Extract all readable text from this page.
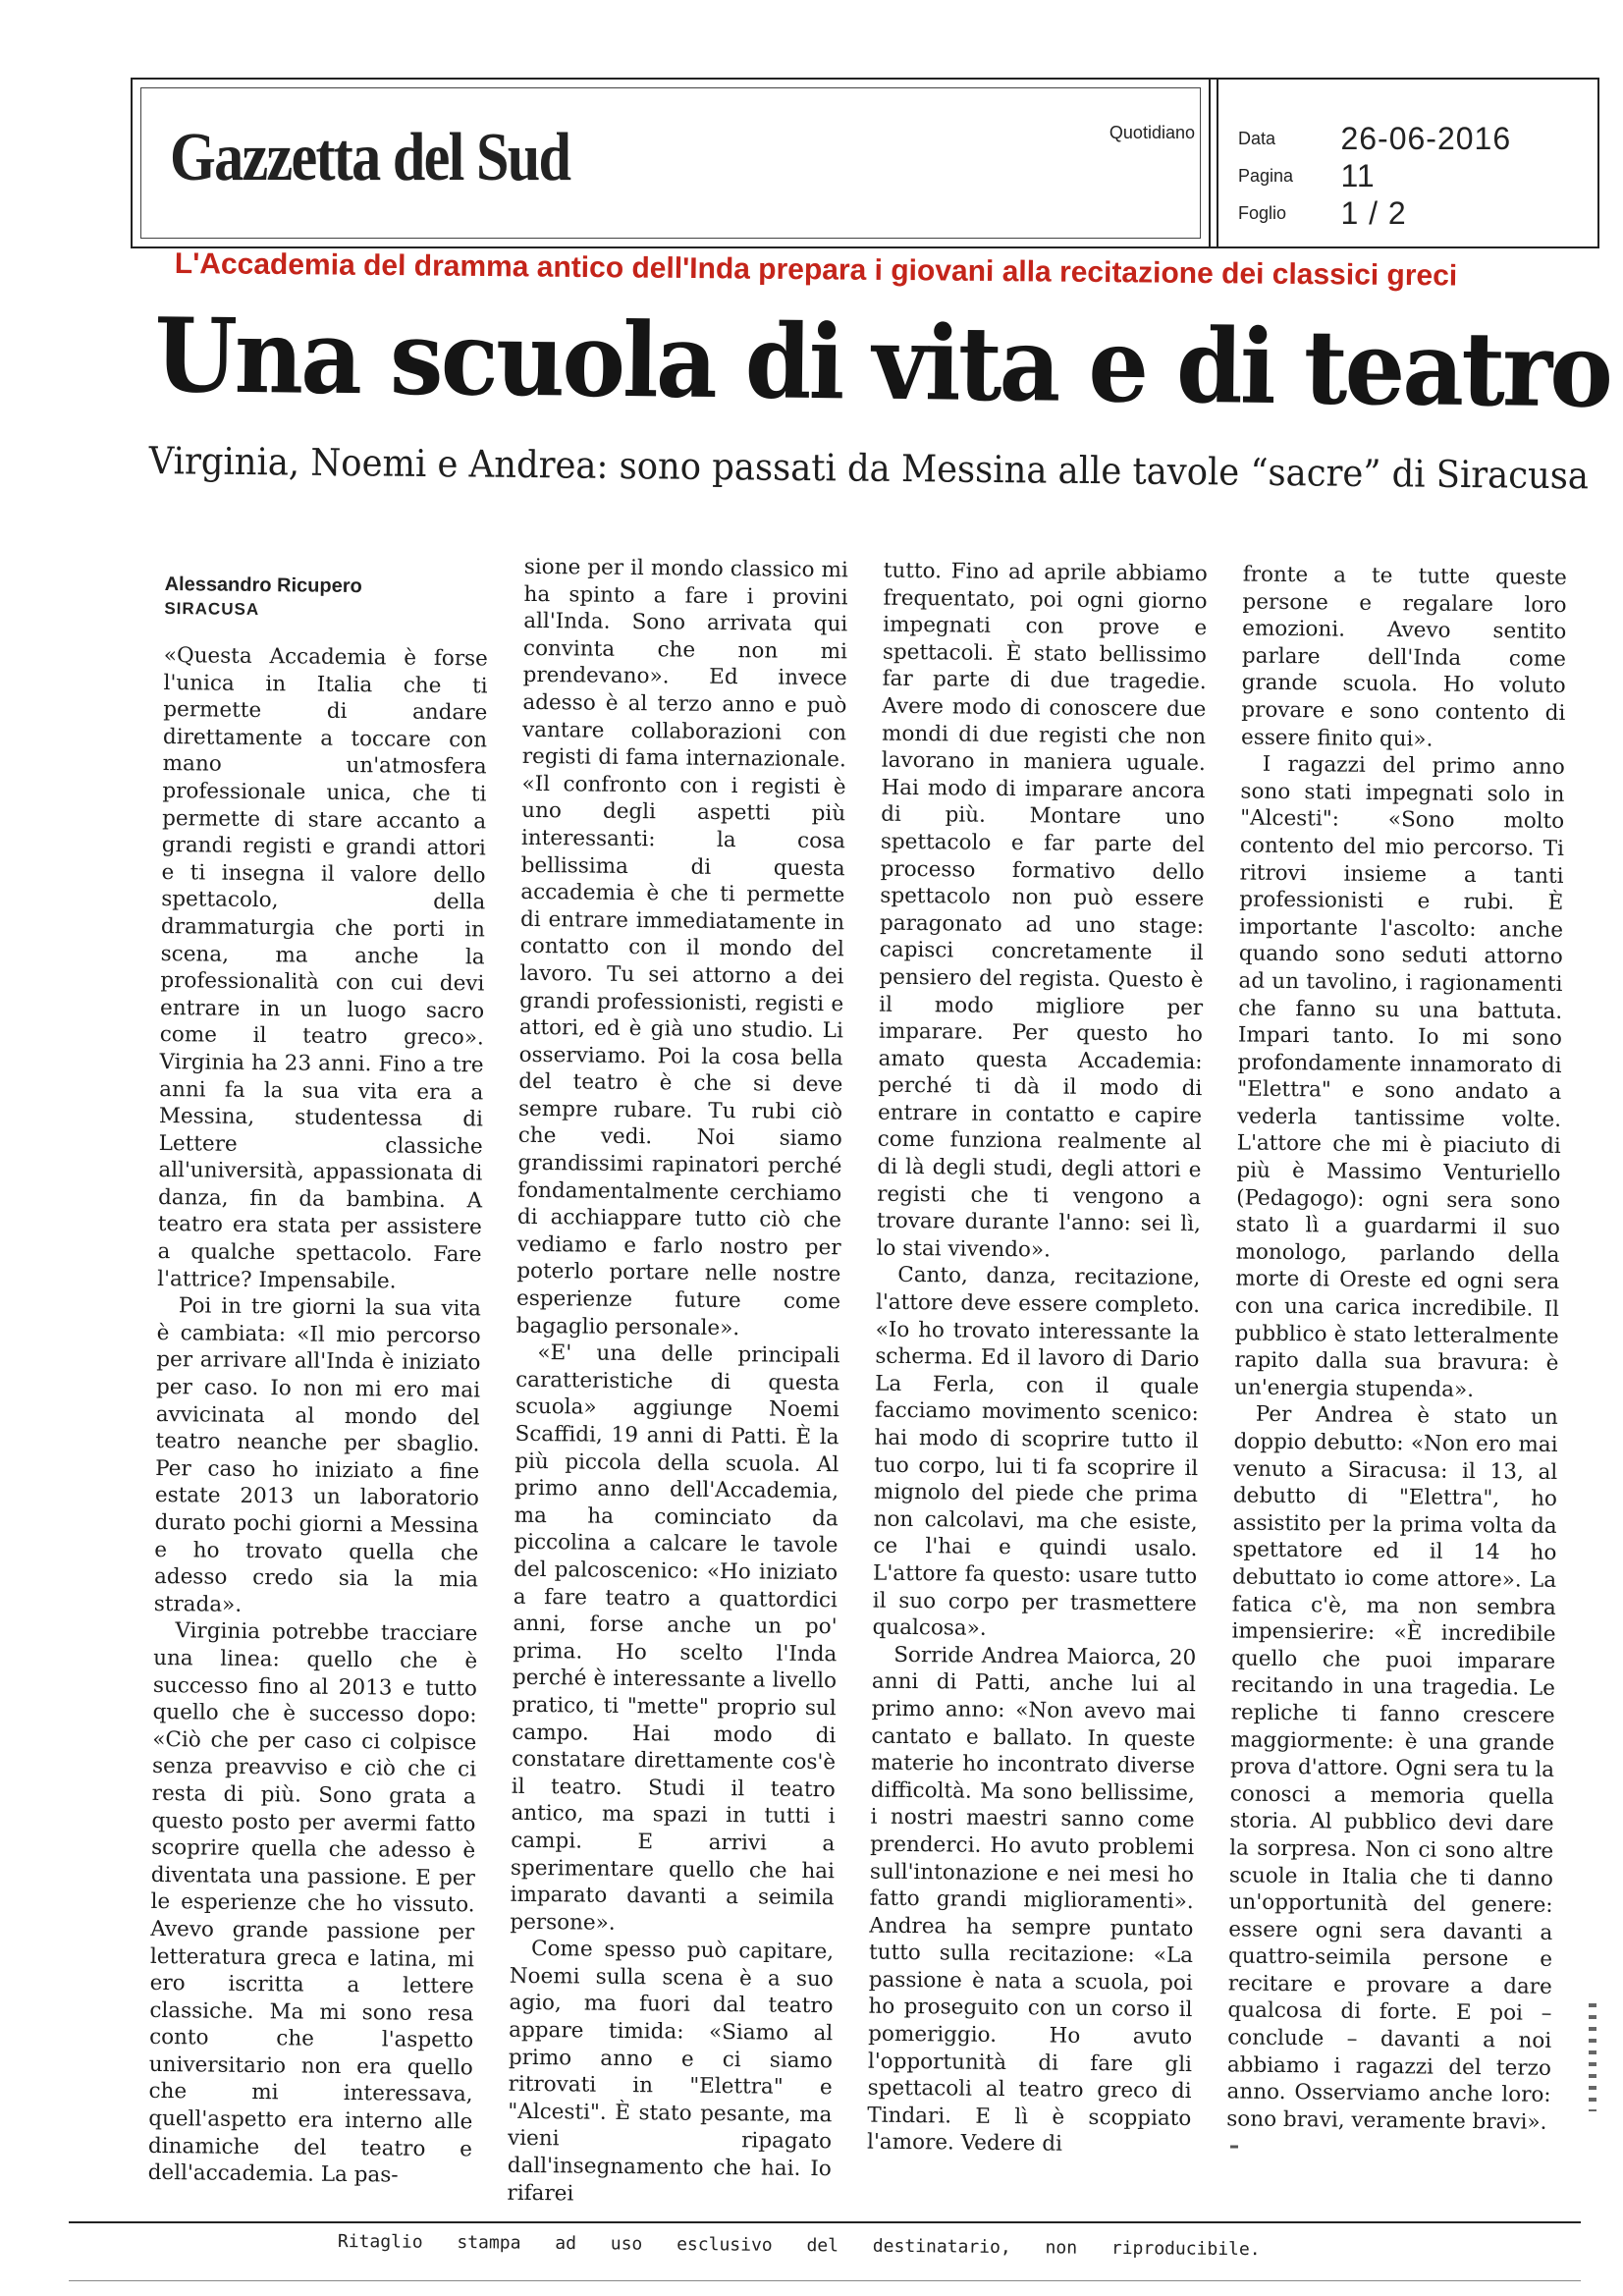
Gazzetta del Sud	Quotidiano Data 26-06-2016
Pagina 11
Foglio 1 / 2
L'Accademia del dramma antico dell'Inda prepara i giovani alla recitazione dei classici greci
Una scuola di vita e di teatro
Virginia, Noemi e Andrea: sono passati da Messina alle tavole “sacre” di Siracusa
Alessandro Ricupero
SIRACUSA

«Questa Accademia è forse l'unica in Italia che ti permette di andare direttamente a toccare con mano un'atmosfera professionale unica, che ti permette di stare accanto a grandi registi e grandi attori e ti insegna il valore dello spettacolo, della drammaturgia che porti in scena, ma anche la professionalità con cui devi entrare in un luogo sacro come il teatro greco». Virginia ha 23 anni. Fino a tre anni fa la sua vita era a Messina, studentessa di Lettere classiche all'università, appassionata di danza, fin da bambina. A teatro era stata per assistere a qualche spettacolo. Fare l'attrice? Impensabile.

Poi in tre giorni la sua vita è cambiata: «Il mio percorso per arrivare all'Inda è iniziato per caso. Io non mi ero mai avvicinata al mondo del teatro neanche per sbaglio. Per caso ho iniziato a fine estate 2013 un laboratorio durato pochi giorni a Messina e ho trovato quella che adesso credo sia la mia strada».

Virginia potrebbe tracciare una linea: quello che è successo fino al 2013 e tutto quello che è successo dopo: «Ciò che per caso ci colpisce senza preavviso e ciò che ci resta di più. Sono grata a questo posto per avermi fatto scoprire quella che adesso è diventata una passione. E per le esperienze che ho vissuto. Avevo grande passione per letteratura greca e latina, mi ero iscritta a lettere classiche. Ma mi sono resa conto che l'aspetto universitario non era quello che mi interessava, quell'aspetto era interno alle dinamiche del teatro e dell'accademia. La pas-

sione per il mondo classico mi ha spinto a fare i provini all'Inda. Sono arrivata qui convinta che non mi prendevano». Ed invece adesso è al terzo anno e può vantare collaborazioni con registi di fama internazionale. «Il confronto con i registi è uno degli aspetti più interessanti: la cosa bellissima di questa accademia è che ti permette di entrare immediatamente in contatto con il mondo del lavoro. Tu sei attorno a dei grandi professionisti, registi e attori, ed è già uno studio. Li osserviamo. Poi la cosa bella del teatro è che si deve sempre rubare. Tu rubi ciò che vedi. Noi siamo grandissimi rapinatori perché fondamentalmente cerchiamo di acchiappare tutto ciò che vediamo e farlo nostro per poterlo portare nelle nostre esperienze future come bagaglio personale».

«E' una delle principali caratteristiche di questa scuola» aggiunge Noemi Scaffidi, 19 anni di Patti. È la più piccola della scuola. Al primo anno dell'Accademia, ma ha cominciato da piccolina a calcare le tavole del palcoscenico: «Ho iniziato a fare teatro a quattordici anni, forse anche un po' prima. Ho scelto l'Inda perché è interessante a livello pratico, ti "mette" proprio sul campo. Hai modo di constatare direttamente cos'è il teatro. Studi il teatro antico, ma spazi in tutti i campi. E arrivi a sperimentare quello che hai imparato davanti a seimila persone».

Come spesso può capitare, Noemi sulla scena è a suo agio, ma fuori dal teatro appare timida: «Siamo al primo anno e ci siamo ritrovati in "Elettra" e "Alcesti". È stato pesante, ma vieni ripagato dall'insegnamento che hai. Io rifarei

tutto. Fino ad aprile abbiamo frequentato, poi ogni giorno impegnati con prove e spettacoli. È stato bellissimo far parte di due tragedie. Avere modo di conoscere due mondi di due registi che non lavorano in maniera uguale. Hai modo di imparare ancora di più. Montare uno spettacolo e far parte del processo formativo dello spettacolo non può essere paragonato ad uno stage: capisci concretamente il pensiero del regista. Questo è il modo migliore per imparare. Per questo ho amato questa Accademia: perché ti dà il modo di entrare in contatto e capire come funziona realmente al di là degli studi, degli attori e registi che ti vengono a trovare durante l'anno: sei lì, lo stai vivendo».

Canto, danza, recitazione, l'attore deve essere completo. «Io ho trovato interessante la scherma. Ed il lavoro di Dario La Ferla, con il quale facciamo movimento scenico: hai modo di scoprire tutto il tuo corpo, lui ti fa scoprire il mignolo del piede che prima non calcolavi, ma che esiste, ce l'hai e quindi usalo. L'attore fa questo: usare tutto il suo corpo per trasmettere qualcosa».

Sorride Andrea Maiorca, 20 anni di Patti, anche lui al primo anno: «Non avevo mai cantato e ballato. In queste materie ho incontrato diverse difficoltà. Ma sono bellissime, i nostri maestri sanno come prenderci. Ho avuto problemi sull'intonazione e nei mesi ho fatto grandi miglioramenti». Andrea ha sempre puntato tutto sulla recitazione: «La passione è nata a scuola, poi ho proseguito con un corso il pomeriggio. Ho avuto l'opportunità di fare gli spettacoli al teatro greco di Tindari. E lì è scoppiato l'amore. Vedere di

fronte a te tutte queste persone e regalare loro emozioni. Avevo sentito parlare dell'Inda come grande scuola. Ho voluto provare e sono contento di essere finito qui».

I ragazzi del primo anno sono stati impegnati solo in "Alcesti": «Sono molto contento del mio percorso. Ti ritrovi insieme a tanti professionisti e rubi. È importante l'ascolto: anche quando sono seduti attorno ad un tavolino, i ragionamenti che fanno su una battuta. Impari tanto. Io mi sono profondamente innamorato di "Elettra" e sono andato a vederla tantissime volte. L'attore che mi è piaciuto di più è Massimo Venturiello (Pedagogo): ogni sera sono stato lì a guardarmi il suo monologo, parlando della morte di Oreste ed ogni sera con una carica incredibile. Il pubblico è stato letteralmente rapito dalla sua bravura: è un'energia stupenda».

Per Andrea è stato un doppio debutto: «Non ero mai venuto a Siracusa: il 13, al debutto di "Elettra", ho assistito per la prima volta da spettatore ed il 14 ho debuttato io come attore». La fatica c'è, ma non sembra impensierire: «È incredibile quello che puoi imparare recitando in una tragedia. Le repliche ti fanno crescere maggiormente: è una grande prova d'attore. Ogni sera tu la conosci a memoria quella storia. Al pubblico devi dare la sorpresa. Non ci sono altre scuole in Italia che ti danno un'opportunità del genere: essere ogni sera davanti a quattro-seimila persone e recitare e provare a dare qualcosa di forte. E poi – conclude – davanti a noi abbiamo i ragazzi del terzo anno. Osserviamo anche loro: sono bravi, veramente bravi».

Ritaglio stampa ad uso esclusivo del destinatario, non riproducibile.
